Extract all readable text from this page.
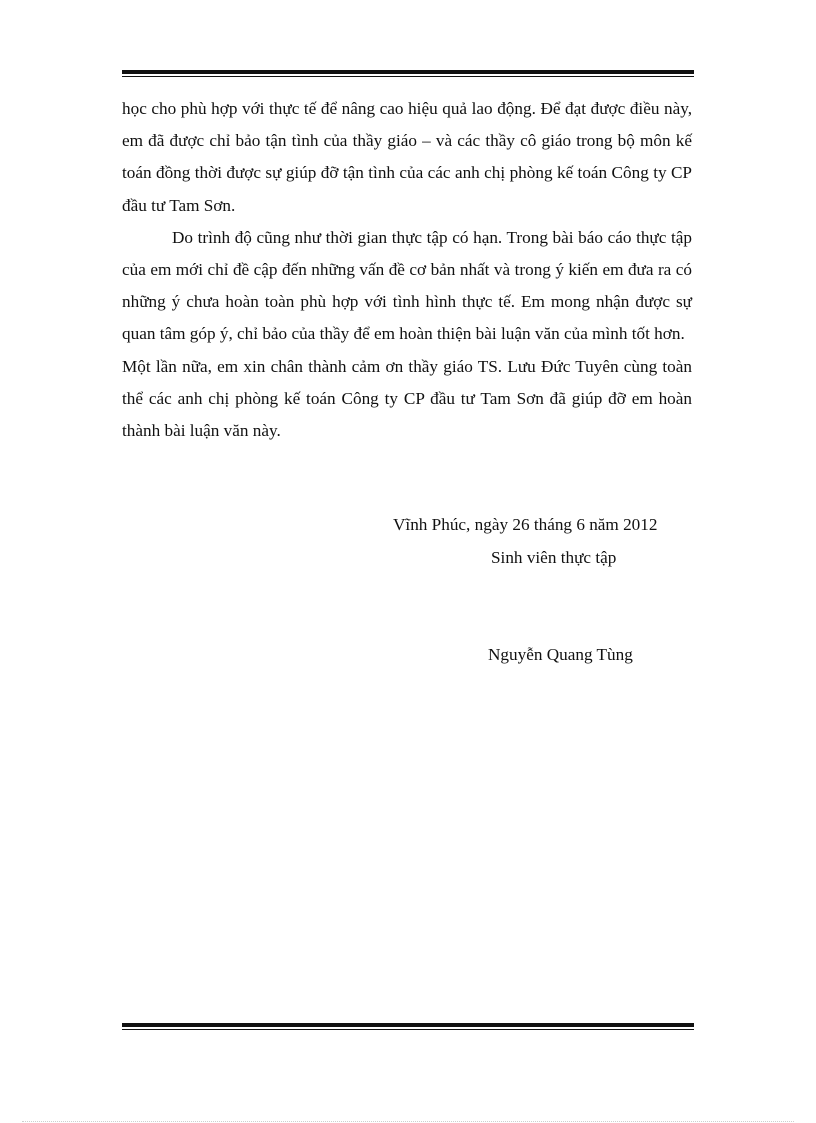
học cho phù hợp với thực tế để nâng cao hiệu quả lao động. Để đạt được điều này, em đã được chỉ bảo tận tình của thầy giáo – và các thầy cô giáo trong bộ môn kế toán đồng thời được sự giúp đỡ tận tình của các anh chị phòng kế toán Công ty CP đầu tư Tam Sơn.

Do trình độ cũng như thời gian thực tập có hạn. Trong bài báo cáo thực tập của em mới chỉ đề cập đến những vấn đề cơ bản nhất và trong ý kiến em đưa ra có những ý chưa hoàn toàn phù hợp với tình hình thực tế. Em mong nhận được sự quan tâm góp ý, chỉ bảo của thầy để em hoàn thiện bài luận văn của mình tốt hơn.

Một lần nữa, em xin chân thành cảm ơn thầy giáo TS. Lưu Đức Tuyên cùng toàn thể các anh chị phòng kế toán Công ty CP đầu tư Tam Sơn đã giúp đỡ em hoàn thành bài luận văn này.

Vĩnh Phúc, ngày 26 tháng 6 năm 2012
Sinh viên thực tập
Nguyễn Quang Tùng
